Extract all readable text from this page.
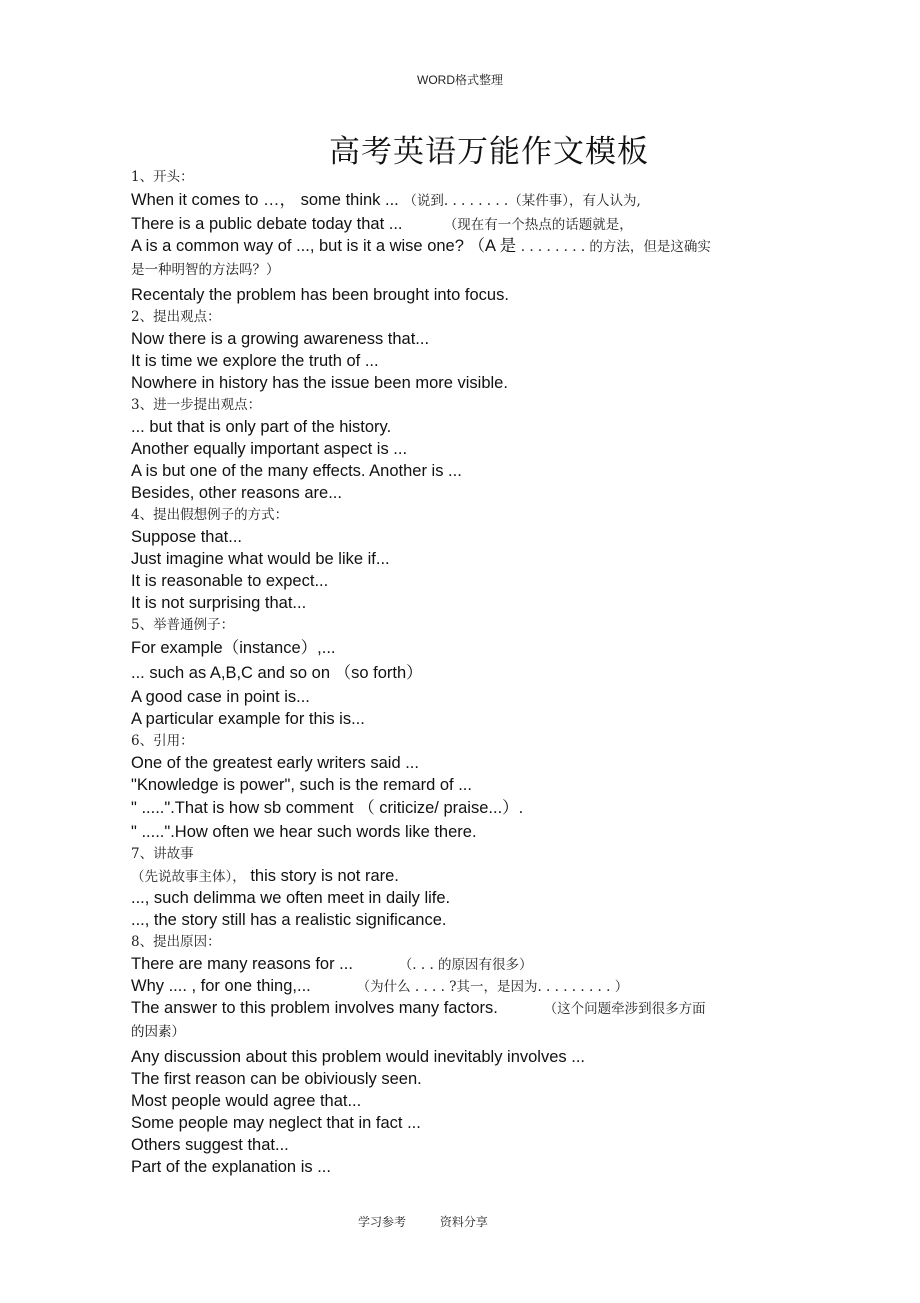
WORD格式整理
高考英语万能作文模板
1、开头：
When it comes to …， some think ... （说到. . . . . . . .（某件事），有人认为,
There is a public debate today that ...	（现在有一个热点的话题就是，
A is a common way of ..., but is it a wise one? （A 是 . . . . . . . . 的方法，但是这确实
是一种明智的方法吗？）
Recentaly the problem has been brought into focus.
2、提出观点：
Now there is a growing awareness that...
It is time we explore the truth of ...
Nowhere in history has the issue been more visible.
3、进一步提出观点：
... but that is only part of the history.
Another equally important aspect is ...
A is but one of the many effects. Another is ...
Besides, other reasons are...
4、提出假想例子的方式：
Suppose that...
Just imagine what would be like if...
It is reasonable to expect...
It is not surprising that...
5、举普通例子：
For example（instance）,...
... such as A,B,C and so on （so forth）
A good case in point is...
A particular example for this is...
6、引用：
One of the greatest early writers said ...
"Knowledge is power", such is the remard of ...
" .....".That is how sb comment （ criticize/ praise...）.
" .....".How often we hear such words like there.
7、讲故事
（先说故事主体）， this story is not rare.
..., such delimma we often meet in daily life.
..., the story still has a realistic significance.
8、提出原因：
There are many reasons for ...	（. . . 的原因有很多）
Why .... , for one thing,...	（为什么 . . . . ?其一，是因为. . . . . . . . . ）
The answer to this problem involves many factors.	（这个问题牵涉到很多方面
的因素）
Any discussion about this problem would inevitably involves ...
The first reason can be obiviously seen.
Most people would agree that...
Some people may neglect that in fact ...
Others suggest that...
Part of the explanation is ...
学习参考	资料分享
